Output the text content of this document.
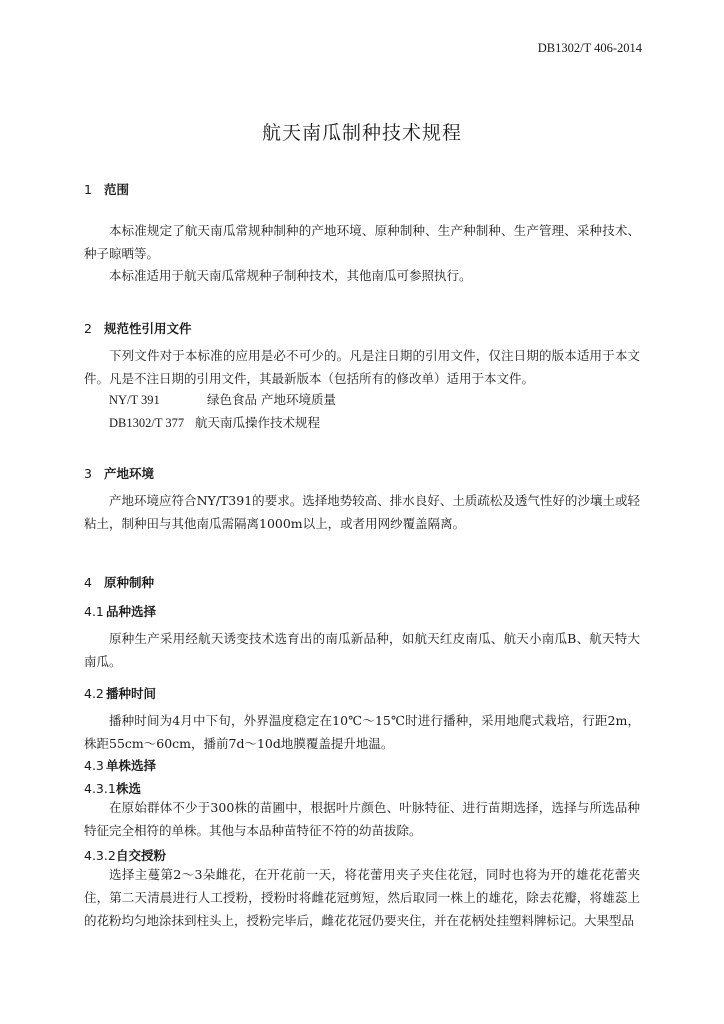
DB1302/T 406-2014
航天南瓜制种技术规程
1 范围

本标准规定了航天南瓜常规种制种的产地环境、原种制种、生产种制种、生产管理、采种技术、种子晾晒等。

本标准适用于航天南瓜常规种子制种技术，其他南瓜可参照执行。

2 规范性引用文件

下列文件对于本标准的应用是必不可少的。凡是注日期的引用文件，仅注日期的版本适用于本文件。凡是不注日期的引用文件，其最新版本（包括所有的修改单）适用于本文件。

NY/T 391	绿色食品 产地环境质量
DB1302/T 377 航天南瓜操作技术规程
3 产地环境

产地环境应符合NY/T391的要求。选择地势较高、排水良好、土质疏松及透气性好的沙壤土或轻粘土，制种田与其他南瓜需隔离1000m以上，或者用网纱覆盖隔离。

4 原种制种
4.1 品种选择

原种生产采用经航天诱变技术选育出的南瓜新品种，如航天红皮南瓜、航天小南瓜B、航天特大南瓜。

4.2 播种时间

播种时间为4月中下旬，外界温度稳定在10℃～15℃时进行播种，采用地爬式栽培，行距2m，株距55cm～60cm，播前7d～10d地膜覆盖提升地温。

4.3 单株选择
4.3.1株选

在原始群体不少于300株的苗圃中，根据叶片颜色、叶脉特征、进行苗期选择，选择与所选品种特征完全相符的单株。其他与本品种苗特征不符的幼苗拔除。

4.3.2自交授粉

选择主蔓第2～3朵雌花，在开花前一天，将花蕾用夹子夹住花冠，同时也将为开的雄花花蕾夹住，第二天清晨进行人工授粉，授粉时将雌花冠剪短，然后取同一株上的雄花，除去花瓣，将雄蕊上的花粉均匀地涂抹到柱头上，授粉完毕后，雌花花冠仍要夹住，并在花柄处挂塑料牌标记。大果型品
